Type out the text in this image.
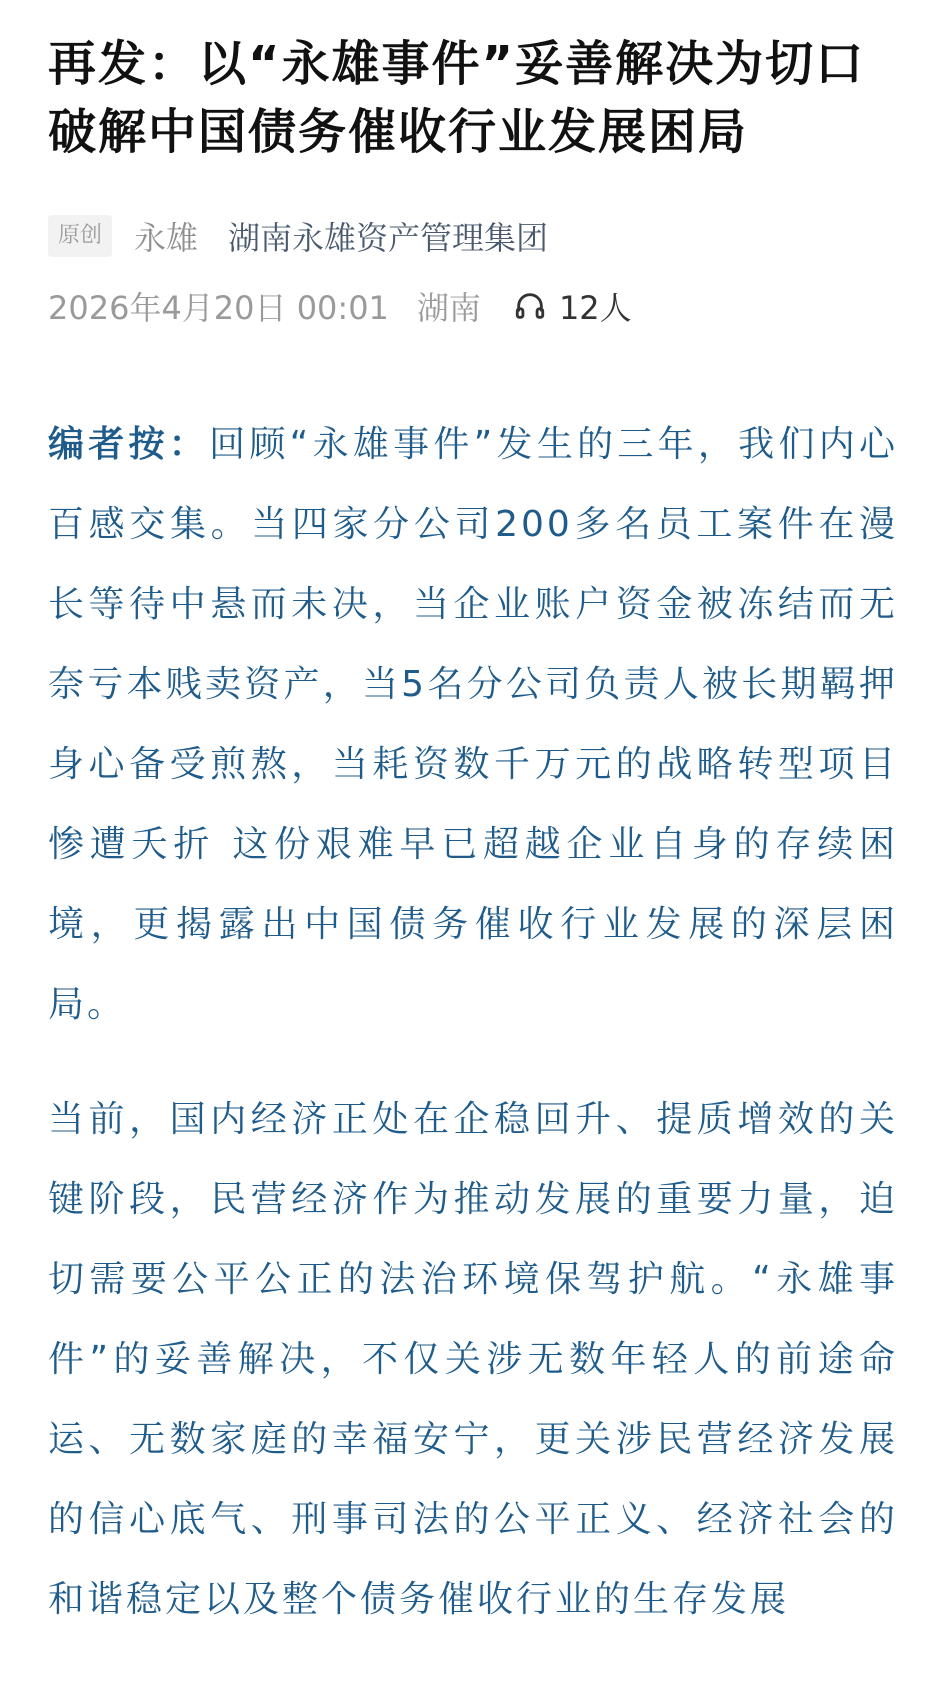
再发：以“永雄事件”妥善解决为切口破解中国债务催收行业发展困局
原创	永雄 湖南永雄资产管理集团
2026年4月20日 00:01 湖南 12人

编者按：回顾“永雄事件”发生的三年，我们内心百感交集。当四家分公司200多名员工案件在漫长等待中悬而未决，当企业账户资金被冻结而无奈亏本贱卖资产，当5名分公司负责人被长期羁押身心备受煎熬，当耗资数千万元的战略转型项目惨遭夭折 这份艰难早已超越企业自身的存续困境，更揭露出中国债务催收行业发展的深层困局。

当前，国内经济正处在企稳回升、提质增效的关键阶段，民营经济作为推动发展的重要力量，迫切需要公平公正的法治环境保驾护航。“永雄事件”的妥善解决，不仅关涉无数年轻人的前途命运、无数家庭的幸福安宁，更关涉民营经济发展的信心底气、刑事司法的公平正义、经济社会的和谐稳定以及整个债务催收行业的生存发展
